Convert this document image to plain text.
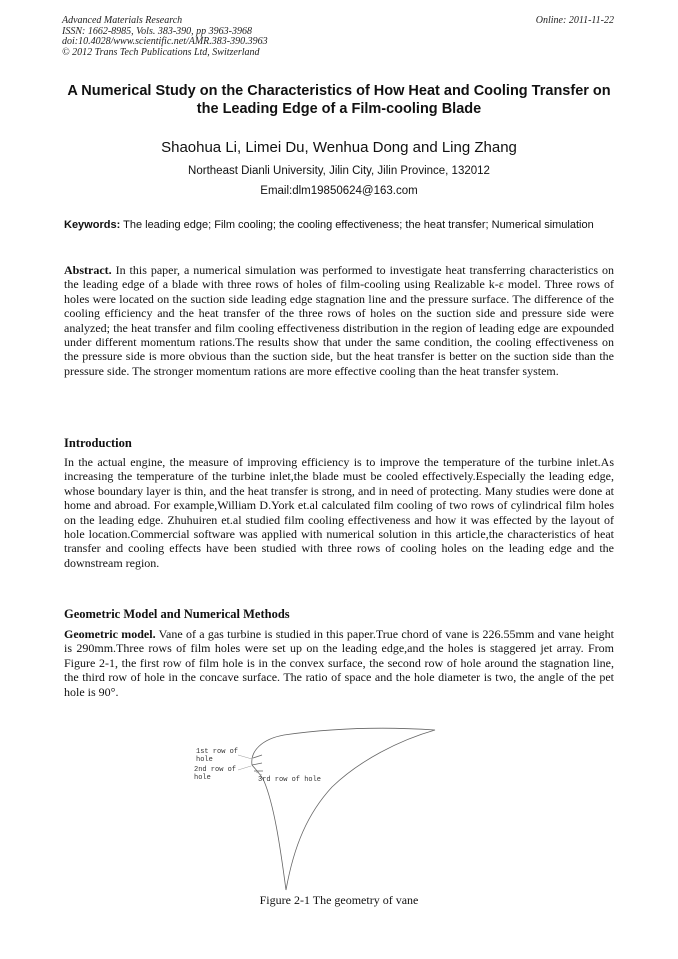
Advanced Materials Research
ISSN: 1662-8985, Vols. 383-390, pp 3963-3968
doi:10.4028/www.scientific.net/AMR.383-390.3963
© 2012 Trans Tech Publications Ltd, Switzerland
Online: 2011-11-22
A Numerical Study on the Characteristics of How Heat and Cooling Transfer on the Leading Edge of a Film-cooling Blade
Shaohua Li, Limei Du, Wenhua Dong and Ling Zhang
Northeast Dianli University, Jilin City, Jilin Province, 132012
Email:dlm19850624@163.com
Keywords: The leading edge; Film cooling; the cooling effectiveness; the heat transfer; Numerical simulation
Abstract. In this paper, a numerical simulation was performed to investigate heat transferring characteristics on the leading edge of a blade with three rows of holes of film-cooling using Realizable k-ε model. Three rows of holes were located on the suction side leading edge stagnation line and the pressure surface. The difference of the cooling efficiency and the heat transfer of the three rows of holes on the suction side and pressure side were analyzed; the heat transfer and film cooling effectiveness distribution in the region of leading edge are expounded under different momentum rations.The results show that under the same condition, the cooling effectiveness on the pressure side is more obvious than the suction side, but the heat transfer is better on the suction side than the pressure side. The stronger momentum rations are more effective cooling than the heat transfer system.
Introduction
In the actual engine, the measure of improving efficiency is to improve the temperature of the turbine inlet.As increasing the temperature of the turbine inlet,the blade must be cooled effectively.Especially the leading edge, whose boundary layer is thin, and the heat transfer is strong, and in need of protecting. Many studies were done at home and abroad. For example,William D.York et.al calculated film cooling of two rows of cylindrical film holes on the leading edge. Zhuhuiren et.al studied film cooling effectiveness and how it was effected by the layout of hole location.Commercial software was applied with numerical solution in this article,the characteristics of heat transfer and cooling effects have been studied with three rows of cooling holes on the leading edge and the downstream region.
Geometric Model and Numerical Methods
Geometric model. Vane of a gas turbine is studied in this paper.True chord of vane is 226.55mm and vane height is 290mm.Three rows of film holes were set up on the leading edge,and the holes is staggered jet array. From Figure 2-1, the first row of film hole is in the convex surface, the second row of hole around the stagnation line, the third row of hole in the concave surface. The ratio of space and the hole diameter is two, the angle of the pet hole is 90°.
1st row of
hole
2nd row of
hole	3rd row of hole
Figure 2-1 The geometry of vane
